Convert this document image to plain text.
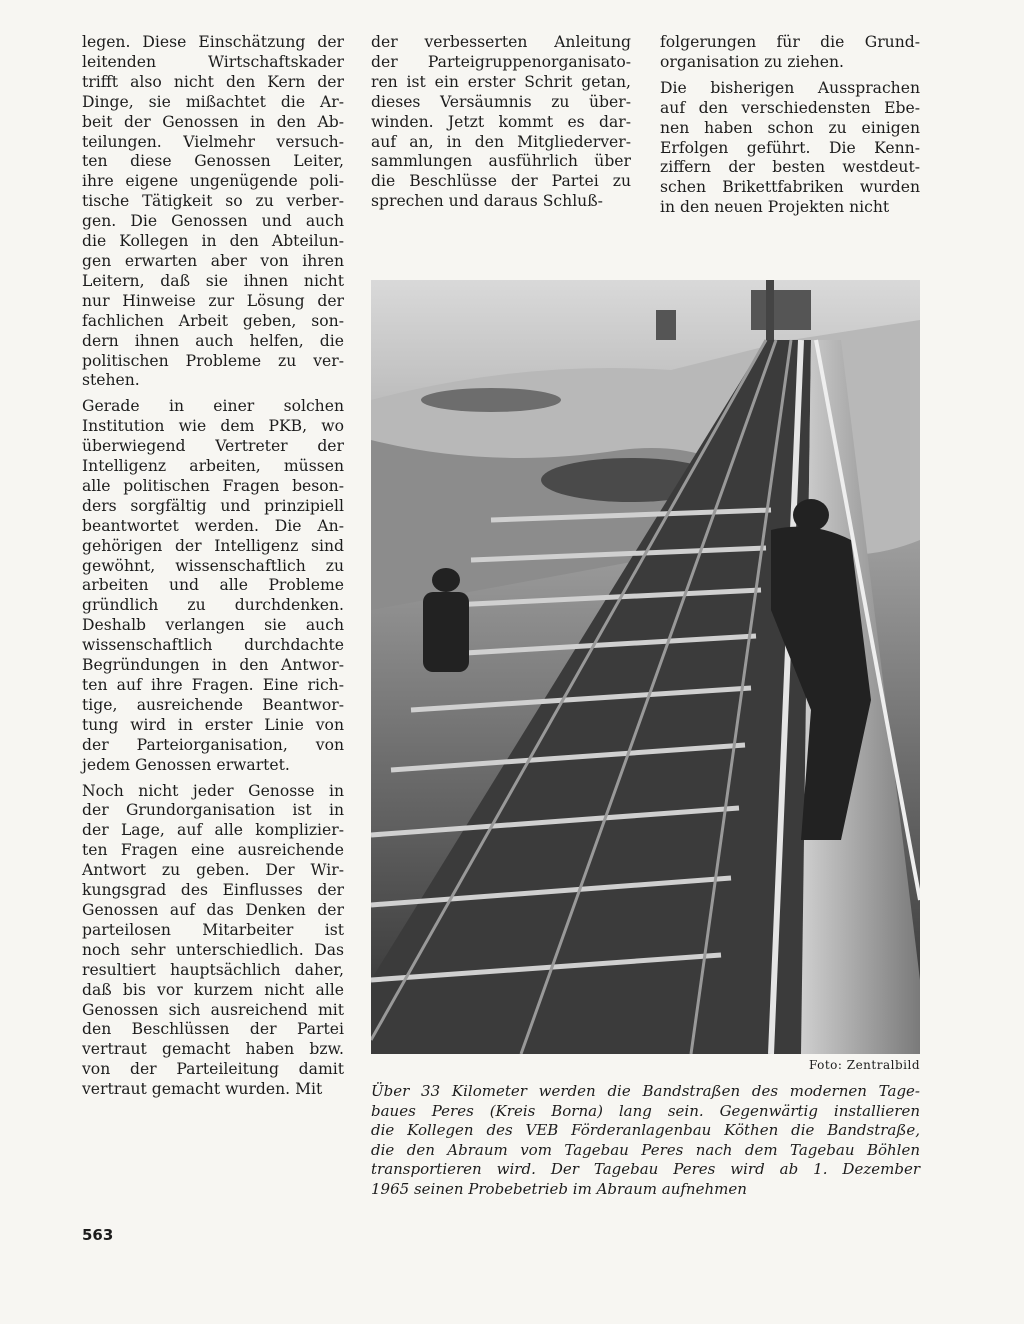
legen. Diese Einschätzung der
leitenden Wirtschaftskader
trifft also nicht den Kern der
Dinge, sie mißachtet die Ar-
beit der Genossen in den Ab-
teilungen. Vielmehr versuch-
ten diese Genossen Leiter,
ihre eigene ungenügende poli-
tische Tätigkeit so zu verber-
gen. Die Genossen und auch
die Kollegen in den Abteilun-
gen erwarten aber von ihren
Leitern, daß sie ihnen nicht
nur Hinweise zur Lösung der
fachlichen Arbeit geben, son-
dern ihnen auch helfen, die
politischen Probleme zu ver-
stehen.
Gerade in einer solchen
Institution wie dem PKB, wo
überwiegend Vertreter der
Intelligenz arbeiten, müssen
alle politischen Fragen beson-
ders sorgfältig und prinzipiell
beantwortet werden. Die An-
gehörigen der Intelligenz sind
gewöhnt, wissenschaftlich zu
arbeiten und alle Probleme
gründlich zu durchdenken.
Deshalb verlangen sie auch
wissenschaftlich durchdachte
Begründungen in den Antwor-
ten auf ihre Fragen. Eine rich-
tige, ausreichende Beantwor-
tung wird in erster Linie von
der Parteiorganisation, von
jedem Genossen erwartet.
Noch nicht jeder Genosse in
der Grundorganisation ist in
der Lage, auf alle komplizier-
ten Fragen eine ausreichende
Antwort zu geben. Der Wir-
kungsgrad des Einflusses der
Genossen auf das Denken der
parteilosen Mitarbeiter ist
noch sehr unterschiedlich. Das
resultiert hauptsächlich daher,
daß bis vor kurzem nicht alle
Genossen sich ausreichend mit
den Beschlüssen der Partei
vertraut gemacht haben bzw.
von der Parteileitung damit
vertraut gemacht wurden. Mit
der verbesserten Anleitung
der Parteigruppenorganisato-
ren ist ein erster Schrit getan,
dieses Versäumnis zu über-
winden. Jetzt kommt es dar-
auf an, in den Mitgliederver-
sammlungen ausführlich über
die Beschlüsse der Partei zu
sprechen und daraus Schluß-
folgerungen für die Grund-
organisation zu ziehen.
Die bisherigen Aussprachen
auf den verschiedensten Ebe-
nen haben schon zu einigen
Erfolgen geführt. Die Kenn-
ziffern der besten westdeut-
schen Brikettfabriken wurden
in den neuen Projekten nicht
Foto: Zentralbild
Über 33 Kilometer werden die Bandstraßen des modernen Tage-
baues Peres (Kreis Borna) lang sein. Gegenwärtig installieren
die Kollegen des VEB Förderanlagenbau Köthen die Bandstraße,
die den Abraum vom Tagebau Peres nach dem Tagebau Böhlen
transportieren wird. Der Tagebau Peres wird ab 1. Dezember
1965 seinen Probebetrieb im Abraum aufnehmen
563
